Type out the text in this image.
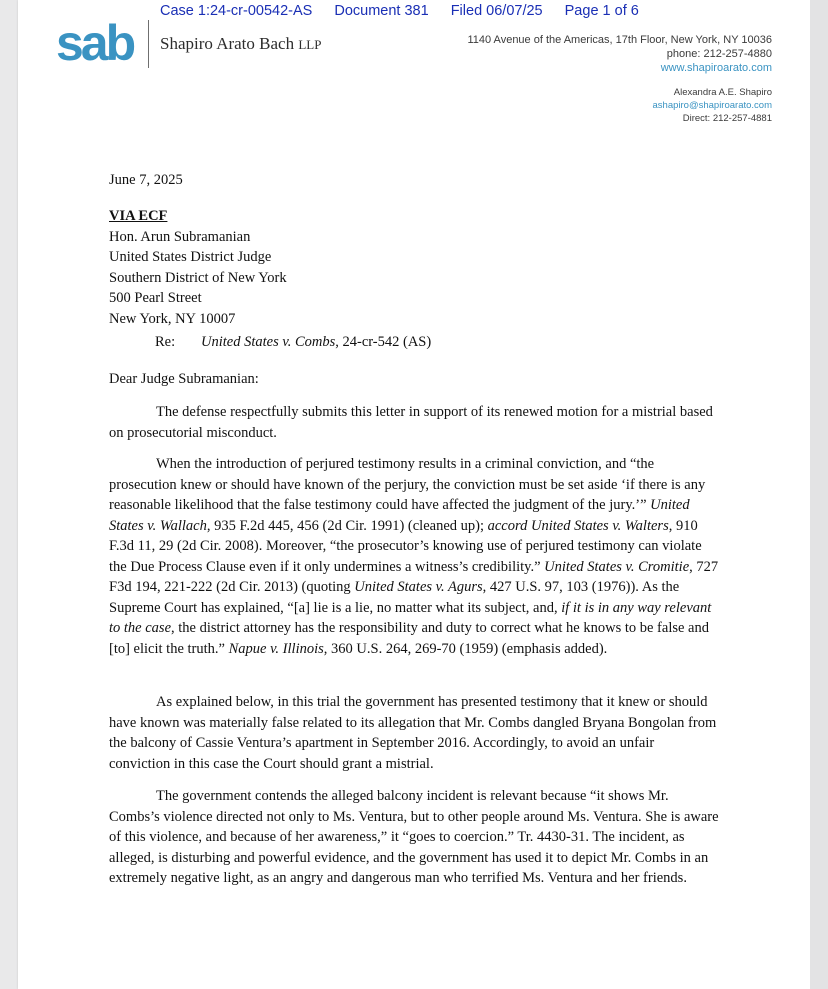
Case 1:24-cr-00542-AS Document 381 Filed 06/07/25 Page 1 of 6
sab Shapiro Arato Bach LLP	1140 Avenue of the Americas, 17th Floor, New York, NY 10036
phone: 212-257-4880
www.shapiroarato.com
Alexandra A.E. Shapiro
ashapiro@shapiroarato.com
Direct: 212-257-4881
June 7, 2025
VIA ECF
Hon. Arun Subramanian
United States District Judge
Southern District of New York
500 Pearl Street
New York, NY 10007
Re: United States v. Combs, 24-cr-542 (AS)
Dear Judge Subramanian:

The defense respectfully submits this letter in support of its renewed motion for a mistrial based on prosecutorial misconduct.

When the introduction of perjured testimony results in a criminal conviction, and “the prosecution knew or should have known of the perjury, the conviction must be set aside ‘if there is any reasonable likelihood that the false testimony could have affected the judgment of the jury.’” United States v. Wallach, 935 F.2d 445, 456 (2d Cir. 1991) (cleaned up); accord United States v. Walters, 910 F.3d 11, 29 (2d Cir. 2008). Moreover, “the prosecutor’s knowing use of perjured testimony can violate the Due Process Clause even if it only undermines a witness’s credibility.” United States v. Cromitie, 727 F3d 194, 221-222 (2d Cir. 2013) (quoting United States v. Agurs, 427 U.S. 97, 103 (1976)). As the Supreme Court has explained, “[a] lie is a lie, no matter what its subject, and, if it is in any way relevant to the case, the district attorney has the responsibility and duty to correct what he knows to be false and [to] elicit the truth.” Napue v. Illinois, 360 U.S. 264, 269-70 (1959) (emphasis added).

As explained below, in this trial the government has presented testimony that it knew or should have known was materially false related to its allegation that Mr. Combs dangled Bryana Bongolan from the balcony of Cassie Ventura’s apartment in September 2016. Accordingly, to avoid an unfair conviction in this case the Court should grant a mistrial.

The government contends the alleged balcony incident is relevant because “it shows Mr. Combs’s violence directed not only to Ms. Ventura, but to other people around Ms. Ventura. She is aware of this violence, and because of her awareness,” it “goes to coercion.” Tr. 4430-31. The incident, as alleged, is disturbing and powerful evidence, and the government has used it to depict Mr. Combs in an extremely negative light, as an angry and dangerous man who terrified Ms. Ventura and her friends.
